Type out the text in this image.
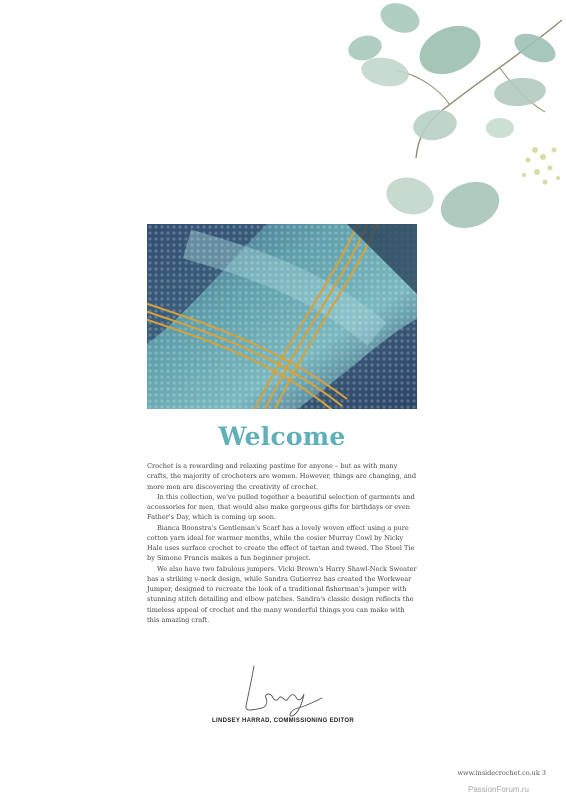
Welcome

Crochet is a rewarding and relaxing pastime for anyone – but as with many crafts, the majority of crocheters are women. However, things are changing, and more men are discovering the creativity of crochet.

In this collection, we've pulled together a beautiful selection of garments and accessories for men, that would also make gorgeous gifts for birthdays or even Father's Day, which is coming up soon.

Bianca Boonstra's Gentleman's Scarf has a lovely woven effect using a pure cotton yarn ideal for warmer months, while the cosier Murray Cowl by Nicky Hale uses surface crochet to create the effect of tartan and tweed. The Steel Tie by Simone Francis makes a fun beginner project.

We also have two fabulous jumpers. Vicki Brown's Harry Shawl-Neck Sweater has a striking v-neck design, while Sandra Gutierrez has created the Workwear Jumper, designed to recreate the look of a traditional fisherman's jumper with stunning stitch detailing and elbow patches. Sandra's classic design reflects the timeless appeal of crochet and the many wonderful things you can make with this amazing craft.

LINDSEY HARRAD, COMMISSIONING EDITOR
www.insidecrochet.co.uk 3
PassionForum.ru
